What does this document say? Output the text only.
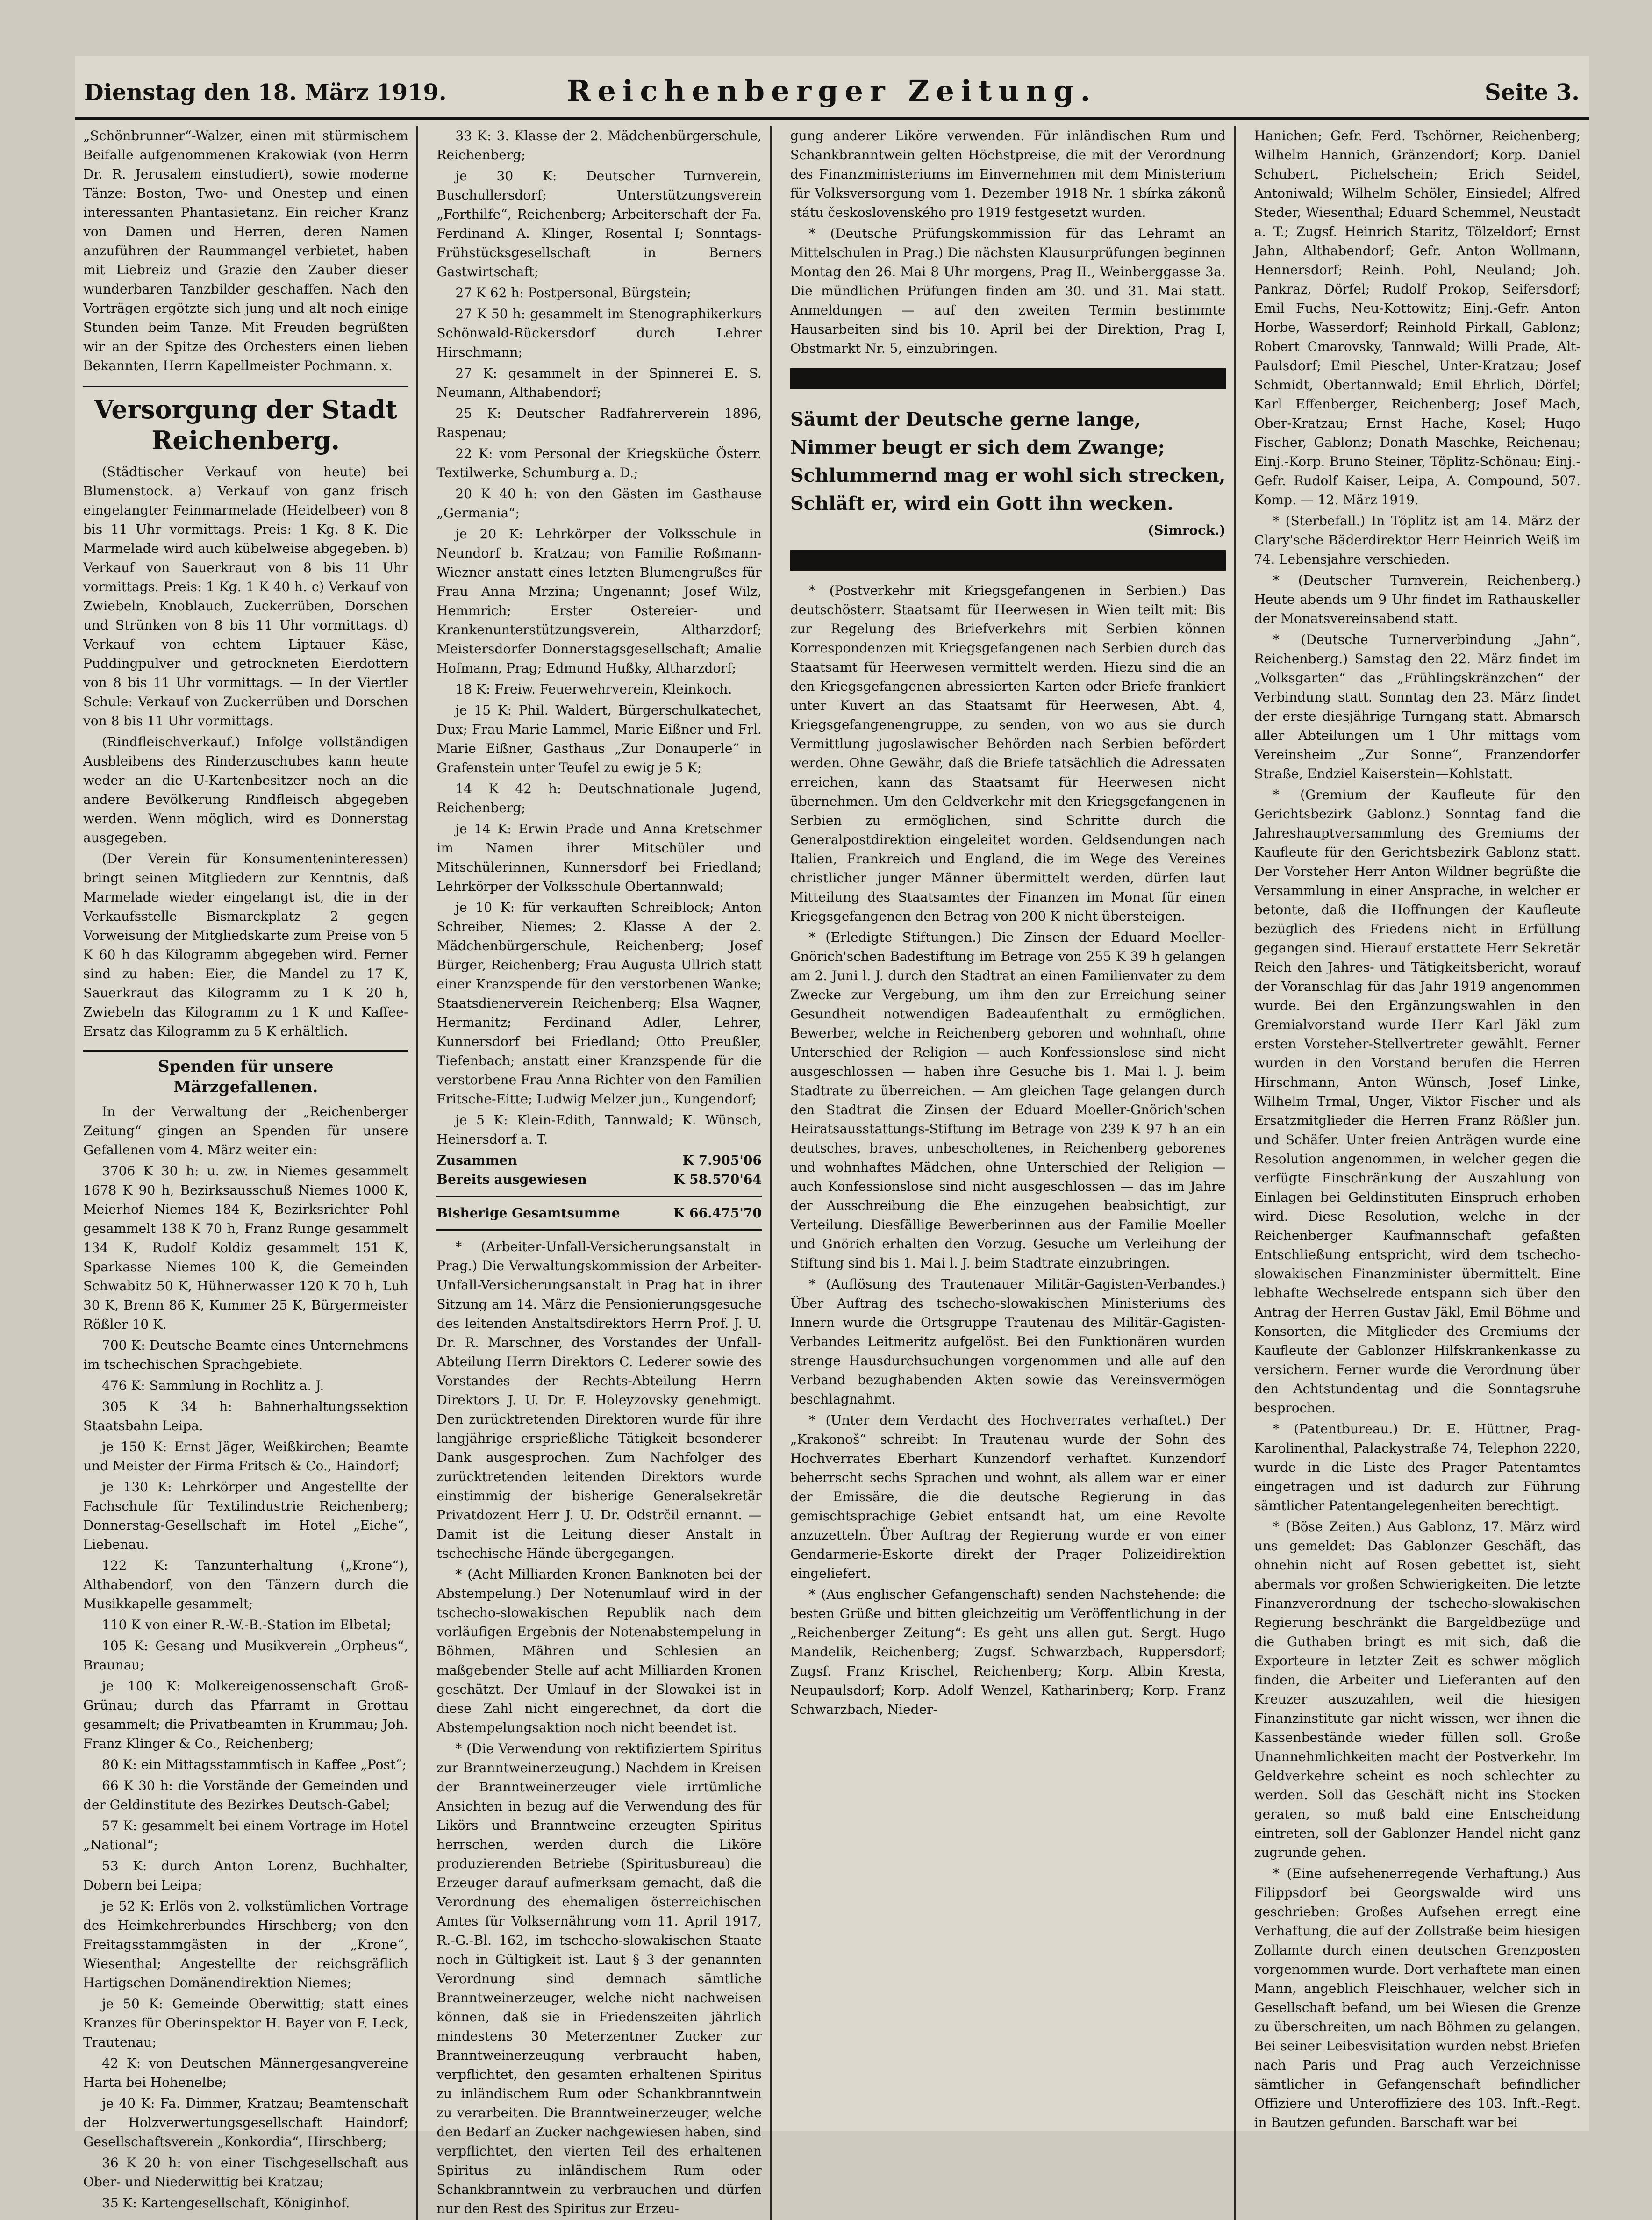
Dienstag den 18. März 1919.	Reichenberger Zeitung.	Seite 3.

„Schönbrunner“-Walzer, einen mit stürmischem Beifalle aufgenommenen Krakowiak (von Herrn Dr. R. Jerusalem einstudiert), sowie moderne Tänze: Boston, Two- und Onestep und einen interessanten Phantasietanz. Ein reicher Kranz von Damen und Herren, deren Namen anzuführen der Raummangel verbietet, haben mit Liebreiz und Grazie den Zauber dieser wunderbaren Tanzbilder geschaffen. Nach den Vorträgen ergötzte sich jung und alt noch einige Stunden beim Tanze. Mit Freuden begrüßten wir an der Spitze des Orchesters einen lieben Bekannten, Herrn Kapellmeister Pochmann. x.

Versorgung der Stadt Reichenberg.

(Städtischer Verkauf von heute) bei Blumenstock. a) Verkauf von ganz frisch eingelangter Feinmarmelade (Heidelbeer) von 8 bis 11 Uhr vormittags. Preis: 1 Kg. 8 K. Die Marmelade wird auch kübelweise abgegeben. b) Verkauf von Sauerkraut von 8 bis 11 Uhr vormittags. Preis: 1 Kg. 1 K 40 h. c) Verkauf von Zwiebeln, Knoblauch, Zuckerrüben, Dorschen und Strünken von 8 bis 11 Uhr vormittags. d) Verkauf von echtem Liptauer Käse, Puddingpulver und getrockneten Eierdottern von 8 bis 11 Uhr vormittags. — In der Viertler Schule: Verkauf von Zuckerrüben und Dorschen von 8 bis 11 Uhr vormittags.

(Rindfleischverkauf.) Infolge vollständigen Ausbleibens des Rinderzuschubes kann heute weder an die U-Kartenbesitzer noch an die andere Bevölkerung Rindfleisch abgegeben werden. Wenn möglich, wird es Donnerstag ausgegeben.

(Der Verein für Konsumenteninteressen) bringt seinen Mitgliedern zur Kenntnis, daß Marmelade wieder eingelangt ist, die in der Verkaufsstelle Bismarckplatz 2 gegen Vorweisung der Mitgliedskarte zum Preise von 5 K 60 h das Kilogramm abgegeben wird. Ferner sind zu haben: Eier, die Mandel zu 17 K, Sauerkraut das Kilogramm zu 1 K 20 h, Zwiebeln das Kilogramm zu 1 K und Kaffee-Ersatz das Kilogramm zu 5 K erhältlich.

Spenden für unsere Märzgefallenen.

In der Verwaltung der „Reichenberger Zeitung“ gingen an Spenden für unsere Gefallenen vom 4. März weiter ein:

3706 K 30 h: u. zw. in Niemes gesammelt 1678 K 90 h, Bezirksausschuß Niemes 1000 K, Meierhof Niemes 184 K, Bezirksrichter Pohl gesammelt 138 K 70 h, Franz Runge gesammelt 134 K, Rudolf Koldiz gesammelt 151 K, Sparkasse Niemes 100 K, die Gemeinden Schwabitz 50 K, Hühnerwasser 120 K 70 h, Luh 30 K, Brenn 86 K, Kummer 25 K, Bürgermeister Rößler 10 K.

700 K: Deutsche Beamte eines Unternehmens im tschechischen Sprachgebiete.

476 K: Sammlung in Rochlitz a. J.

305 K 34 h: Bahnerhaltungssektion Staatsbahn Leipa.

je 150 K: Ernst Jäger, Weißkirchen; Beamte und Meister der Firma Fritsch & Co., Haindorf;

je 130 K: Lehrkörper und Angestellte der Fachschule für Textilindustrie Reichenberg; Donnerstag-Gesellschaft im Hotel „Eiche“, Liebenau.

122 K: Tanzunterhaltung („Krone“), Althabendorf, von den Tänzern durch die Musikkapelle gesammelt;

110 K von einer R.-W.-B.-Station im Elbetal;

105 K: Gesang und Musikverein „Orpheus“, Braunau;

je 100 K: Molkereigenossenschaft Groß-Grünau; durch das Pfarramt in Grottau gesammelt; die Privatbeamten in Krummau; Joh. Franz Klinger & Co., Reichenberg;

80 K: ein Mittagsstammtisch in Kaffee „Post“;

66 K 30 h: die Vorstände der Gemeinden und der Geldinstitute des Bezirkes Deutsch-Gabel;

57 K: gesammelt bei einem Vortrage im Hotel „National“;

53 K: durch Anton Lorenz, Buchhalter, Dobern bei Leipa;

je 52 K: Erlös von 2. volkstümlichen Vortrage des Heimkehrerbundes Hirschberg; von den Freitagsstammgästen in der „Krone“, Wiesenthal; Angestellte der reichsgräflich Hartigschen Domänendirektion Niemes;

je 50 K: Gemeinde Oberwittig; statt eines Kranzes für Oberinspektor H. Bayer von F. Leck, Trautenau;

42 K: von Deutschen Männergesangvereine Harta bei Hohenelbe;

je 40 K: Fa. Dimmer, Kratzau; Beamtenschaft der Holzverwertungsgesellschaft Haindorf; Gesellschaftsverein „Konkordia“, Hirschberg;

36 K 20 h: von einer Tischgesellschaft aus Ober- und Niederwittig bei Kratzau;

35 K: Kartengesellschaft, Königinhof.

33 K: 3. Klasse der 2. Mädchenbürgerschule, Reichenberg;

je 30 K: Deutscher Turnverein, Buschullersdorf; Unterstützungsverein „Forthilfe“, Reichenberg; Arbeiterschaft der Fa. Ferdinand A. Klinger, Rosental I; Sonntags-Frühstücksgesellschaft in Berners Gastwirtschaft;

27 K 62 h: Postpersonal, Bürgstein;

27 K 50 h: gesammelt im Stenographikerkurs Schönwald-Rückersdorf durch Lehrer Hirschmann;

27 K: gesammelt in der Spinnerei E. S. Neumann, Althabendorf;

25 K: Deutscher Radfahrerverein 1896, Raspenau;

22 K: vom Personal der Kriegsküche Österr. Textilwerke, Schumburg a. D.;

20 K 40 h: von den Gästen im Gasthause „Germania“;

je 20 K: Lehrkörper der Volksschule in Neundorf b. Kratzau; von Familie Roßmann-Wiezner anstatt eines letzten Blumengrußes für Frau Anna Mrzina; Ungenannt; Josef Wilz, Hemmrich; Erster Ostereier- und Krankenunterstützungsverein, Altharzdorf; Meistersdorfer Donnerstagsgesellschaft; Amalie Hofmann, Prag; Edmund Hußky, Altharzdorf;

18 K: Freiw. Feuerwehrverein, Kleinkoch.

je 15 K: Phil. Waldert, Bürgerschulkatechet, Dux; Frau Marie Lammel, Marie Eißner und Frl. Marie Eißner, Gasthaus „Zur Donauperle“ in Grafenstein unter Teufel zu ewig je 5 K;

14 K 42 h: Deutschnationale Jugend, Reichenberg;

je 14 K: Erwin Prade und Anna Kretschmer im Namen ihrer Mitschüler und Mitschülerinnen, Kunnersdorf bei Friedland; Lehrkörper der Volksschule Obertannwald;

je 10 K: für verkauften Schreiblock; Anton Schreiber, Niemes; 2. Klasse A der 2. Mädchenbürgerschule, Reichenberg; Josef Bürger, Reichenberg; Frau Augusta Ullrich statt einer Kranzspende für den verstorbenen Wanke; Staatsdienerverein Reichenberg; Elsa Wagner, Hermanitz; Ferdinand Adler, Lehrer, Kunnersdorf bei Friedland; Otto Preußler, Tiefenbach; anstatt einer Kranzspende für die verstorbene Frau Anna Richter von den Familien Fritsche-Eitte; Ludwig Melzer jun., Kungendorf;

je 5 K: Klein-Edith, Tannwald; K. Wünsch, Heinersdorf a. T.

Zusammen	K 7.905'06
Bereits ausgewiesen	K 58.570'64
Bisherige Gesamtsumme	K 66.475'70

* (Arbeiter-Unfall-Versicherungsanstalt in Prag.) Die Verwaltungskommission der Arbeiter-Unfall-Versicherungsanstalt in Prag hat in ihrer Sitzung am 14. März die Pensionierungsgesuche des leitenden Anstaltsdirektors Herrn Prof. J. U. Dr. R. Marschner, des Vorstandes der Unfall-Abteilung Herrn Direktors C. Lederer sowie des Vorstandes der Rechts-Abteilung Herrn Direktors J. U. Dr. F. Holeyzovsky genehmigt. Den zurücktretenden Direktoren wurde für ihre langjährige ersprießliche Tätigkeit besonderer Dank ausgesprochen. Zum Nachfolger des zurücktretenden leitenden Direktors wurde einstimmig der bisherige Generalsekretär Privatdozent Herr J. U. Dr. Odstrčil ernannt. — Damit ist die Leitung dieser Anstalt in tschechische Hände übergegangen.

* (Acht Milliarden Kronen Banknoten bei der Abstempelung.) Der Notenumlauf wird in der tschecho-slowakischen Republik nach dem vorläufigen Ergebnis der Notenabstempelung in Böhmen, Mähren und Schlesien an maßgebender Stelle auf acht Milliarden Kronen geschätzt. Der Umlauf in der Slowakei ist in diese Zahl nicht eingerechnet, da dort die Abstempelungsaktion noch nicht beendet ist.

* (Die Verwendung von rektifiziertem Spiritus zur Branntweinerzeugung.) Nachdem in Kreisen der Branntweinerzeuger viele irrtümliche Ansichten in bezug auf die Verwendung des für Likörs und Branntweine erzeugten Spiritus herrschen, werden durch die Liköre produzierenden Betriebe (Spiritusbureau) die Erzeuger darauf aufmerksam gemacht, daß die Verordnung des ehemaligen österreichischen Amtes für Volksernährung vom 11. April 1917, R.-G.-Bl. 162, im tschecho-slowakischen Staate noch in Gültigkeit ist. Laut § 3 der genannten Verordnung sind demnach sämtliche Branntweinerzeuger, welche nicht nachweisen können, daß sie in Friedenszeiten jährlich mindestens 30 Meterzentner Zucker zur Branntweinerzeugung verbraucht haben, verpflichtet, den gesamten erhaltenen Spiritus zu inländischem Rum oder Schankbranntwein zu verarbeiten. Die Branntweinerzeuger, welche den Bedarf an Zucker nachgewiesen haben, sind verpflichtet, den vierten Teil des erhaltenen Spiritus zu inländischem Rum oder Schankbranntwein zu verbrauchen und dürfen nur den Rest des Spiritus zur Erzeu-

gung anderer Liköre verwenden. Für inländischen Rum und Schankbranntwein gelten Höchstpreise, die mit der Verordnung des Finanzministeriums im Einvernehmen mit dem Ministerium für Volksversorgung vom 1. Dezember 1918 Nr. 1 sbírka zákonů státu československého pro 1919 festgesetzt wurden.

* (Deutsche Prüfungskommission für das Lehramt an Mittelschulen in Prag.) Die nächsten Klausurprüfungen beginnen Montag den 26. Mai 8 Uhr morgens, Prag II., Weinberggasse 3a. Die mündlichen Prüfungen finden am 30. und 31. Mai statt. Anmeldungen — auf den zweiten Termin bestimmte Hausarbeiten sind bis 10. April bei der Direktion, Prag I, Obstmarkt Nr. 5, einzubringen.

Säumt der Deutsche gerne lange,
Nimmer beugt er sich dem Zwange;
Schlummernd mag er wohl sich strecken,
Schläft er, wird ein Gott ihn wecken.
(Simrock.)

* (Postverkehr mit Kriegsgefangenen in Serbien.) Das deutschösterr. Staatsamt für Heerwesen in Wien teilt mit: Bis zur Regelung des Briefverkehrs mit Serbien können Korrespondenzen mit Kriegsgefangenen nach Serbien durch das Staatsamt für Heerwesen vermittelt werden. Hiezu sind die an den Kriegsgefangenen abressierten Karten oder Briefe frankiert unter Kuvert an das Staatsamt für Heerwesen, Abt. 4, Kriegsgefangenengruppe, zu senden, von wo aus sie durch Vermittlung jugoslawischer Behörden nach Serbien befördert werden. Ohne Gewähr, daß die Briefe tatsächlich die Adressaten erreichen, kann das Staatsamt für Heerwesen nicht übernehmen. Um den Geldverkehr mit den Kriegsgefangenen in Serbien zu ermöglichen, sind Schritte durch die Generalpostdirektion eingeleitet worden. Geldsendungen nach Italien, Frankreich und England, die im Wege des Vereines christlicher junger Männer übermittelt werden, dürfen laut Mitteilung des Staatsamtes der Finanzen im Monat für einen Kriegsgefangenen den Betrag von 200 K nicht übersteigen.

* (Erledigte Stiftungen.) Die Zinsen der Eduard Moeller-Gnörich'schen Badestiftung im Betrage von 255 K 39 h gelangen am 2. Juni l. J. durch den Stadtrat an einen Familienvater zu dem Zwecke zur Vergebung, um ihm den zur Erreichung seiner Gesundheit notwendigen Badeaufenthalt zu ermöglichen. Bewerber, welche in Reichenberg geboren und wohnhaft, ohne Unterschied der Religion — auch Konfessionslose sind nicht ausgeschlossen — haben ihre Gesuche bis 1. Mai l. J. beim Stadtrate zu überreichen. — Am gleichen Tage gelangen durch den Stadtrat die Zinsen der Eduard Moeller-Gnörich'schen Heiratsausstattungs-Stiftung im Betrage von 239 K 97 h an ein deutsches, braves, unbescholtenes, in Reichenberg geborenes und wohnhaftes Mädchen, ohne Unterschied der Religion — auch Konfessionslose sind nicht ausgeschlossen — das im Jahre der Ausschreibung die Ehe einzugehen beabsichtigt, zur Verteilung. Diesfällige Bewerberinnen aus der Familie Moeller und Gnörich erhalten den Vorzug. Gesuche um Verleihung der Stiftung sind bis 1. Mai l. J. beim Stadtrate einzubringen.

* (Auflösung des Trautenauer Militär-Gagisten-Verbandes.) Über Auftrag des tschecho-slowakischen Ministeriums des Innern wurde die Ortsgruppe Trautenau des Militär-Gagisten-Verbandes Leitmeritz aufgelöst. Bei den Funktionären wurden strenge Hausdurchsuchungen vorgenommen und alle auf den Verband bezughabenden Akten sowie das Vereinsvermögen beschlagnahmt.

* (Unter dem Verdacht des Hochverrates verhaftet.) Der „Krakonoš“ schreibt: In Trautenau wurde der Sohn des Hochverrates Eberhart Kunzendorf verhaftet. Kunzendorf beherrscht sechs Sprachen und wohnt, als allem war er einer der Emissäre, die die deutsche Regierung in das gemischtsprachige Gebiet entsandt hat, um eine Revolte anzuzetteln. Über Auftrag der Regierung wurde er von einer Gendarmerie-Eskorte direkt der Prager Polizeidirektion eingeliefert.

* (Aus englischer Gefangenschaft) senden Nachstehende: die besten Grüße und bitten gleichzeitig um Veröffentlichung in der „Reichenberger Zeitung“: Es geht uns allen gut. Sergt. Hugo Mandelik, Reichenberg; Zugsf. Schwarzbach, Ruppersdorf; Zugsf. Franz Krischel, Reichenberg; Korp. Albin Kresta, Neupaulsdorf; Korp. Adolf Wenzel, Katharinberg; Korp. Franz Schwarzbach, Nieder-

Hanichen; Gefr. Ferd. Tschörner, Reichenberg; Wilhelm Hannich, Gränzendorf; Korp. Daniel Schubert, Pichelschein; Erich Seidel, Antoniwald; Wilhelm Schöler, Einsiedel; Alfred Steder, Wiesenthal; Eduard Schemmel, Neustadt a. T.; Zugsf. Heinrich Staritz, Tölzeldorf; Ernst Jahn, Althabendorf; Gefr. Anton Wollmann, Hennersdorf; Reinh. Pohl, Neuland; Joh. Pankraz, Dörfel; Rudolf Prokop, Seifersdorf; Emil Fuchs, Neu-Kottowitz; Einj.-Gefr. Anton Horbe, Wasserdorf; Reinhold Pirkall, Gablonz; Robert Cmarovsky, Tannwald; Willi Prade, Alt-Paulsdorf; Emil Pieschel, Unter-Kratzau; Josef Schmidt, Obertannwald; Emil Ehrlich, Dörfel; Karl Effenberger, Reichenberg; Josef Mach, Ober-Kratzau; Ernst Hache, Kosel; Hugo Fischer, Gablonz; Donath Maschke, Reichenau; Einj.-Korp. Bruno Steiner, Töplitz-Schönau; Einj.-Gefr. Rudolf Kaiser, Leipa, A. Compound, 507. Komp. — 12. März 1919.

* (Sterbefall.) In Töplitz ist am 14. März der Clary'sche Bäderdirektor Herr Heinrich Weiß im 74. Lebensjahre verschieden.

* (Deutscher Turnverein, Reichenberg.) Heute abends um 9 Uhr findet im Rathauskeller der Monatsvereinsabend statt.

* (Deutsche Turnerverbindung „Jahn“, Reichenberg.) Samstag den 22. März findet im „Volksgarten“ das „Frühlingskränzchen“ der Verbindung statt. Sonntag den 23. März findet der erste diesjährige Turngang statt. Abmarsch aller Abteilungen um 1 Uhr mittags vom Vereinsheim „Zur Sonne“, Franzendorfer Straße, Endziel Kaiserstein—Kohlstatt.

* (Gremium der Kaufleute für den Gerichtsbezirk Gablonz.) Sonntag fand die Jahreshauptversammlung des Gremiums der Kaufleute für den Gerichtsbezirk Gablonz statt. Der Vorsteher Herr Anton Wildner begrüßte die Versammlung in einer Ansprache, in welcher er betonte, daß die Hoffnungen der Kaufleute bezüglich des Friedens nicht in Erfüllung gegangen sind. Hierauf erstattete Herr Sekretär Reich den Jahres- und Tätigkeitsbericht, worauf der Voranschlag für das Jahr 1919 angenommen wurde. Bei den Ergänzungswahlen in den Gremialvorstand wurde Herr Karl Jäkl zum ersten Vorsteher-Stellvertreter gewählt. Ferner wurden in den Vorstand berufen die Herren Hirschmann, Anton Wünsch, Josef Linke, Wilhelm Trmal, Unger, Viktor Fischer und als Ersatzmitglieder die Herren Franz Rößler jun. und Schäfer. Unter freien Anträgen wurde eine Resolution angenommen, in welcher gegen die verfügte Einschränkung der Auszahlung von Einlagen bei Geldinstituten Einspruch erhoben wird. Diese Resolution, welche in der Reichenberger Kaufmannschaft gefaßten Entschließung entspricht, wird dem tschecho-slowakischen Finanzminister übermittelt. Eine lebhafte Wechselrede entspann sich über den Antrag der Herren Gustav Jäkl, Emil Böhme und Konsorten, die Mitglieder des Gremiums der Kaufleute der Gablonzer Hilfskrankenkasse zu versichern. Ferner wurde die Verordnung über den Achtstundentag und die Sonntagsruhe besprochen.

* (Patentbureau.) Dr. E. Hüttner, Prag-Karolinenthal, Palackystraße 74, Telephon 2220, wurde in die Liste des Prager Patentamtes eingetragen und ist dadurch zur Führung sämtlicher Patentangelegenheiten berechtigt.

* (Böse Zeiten.) Aus Gablonz, 17. März wird uns gemeldet: Das Gablonzer Geschäft, das ohnehin nicht auf Rosen gebettet ist, sieht abermals vor großen Schwierigkeiten. Die letzte Finanzverordnung der tschecho-slowakischen Regierung beschränkt die Bargeldbezüge und die Guthaben bringt es mit sich, daß die Exporteure in letzter Zeit es schwer möglich finden, die Arbeiter und Lieferanten auf den Kreuzer auszuzahlen, weil die hiesigen Finanzinstitute gar nicht wissen, wer ihnen die Kassenbestände wieder füllen soll. Große Unannehmlichkeiten macht der Postverkehr. Im Geldverkehre scheint es noch schlechter zu werden. Soll das Geschäft nicht ins Stocken geraten, so muß bald eine Entscheidung eintreten, soll der Gablonzer Handel nicht ganz zugrunde gehen.

* (Eine aufsehenerregende Verhaftung.) Aus Filippsdorf bei Georgswalde wird uns geschrieben: Großes Aufsehen erregt eine Verhaftung, die auf der Zollstraße beim hiesigen Zollamte durch einen deutschen Grenzposten vorgenommen wurde. Dort verhaftete man einen Mann, angeblich Fleischhauer, welcher sich in Gesellschaft befand, um bei Wiesen die Grenze zu überschreiten, um nach Böhmen zu gelangen. Bei seiner Leibesvisitation wurden nebst Briefen nach Paris und Prag auch Verzeichnisse sämtlicher in Gefangenschaft befindlicher Offiziere und Unteroffiziere des 103. Inft.-Regt. in Bautzen gefunden. Barschaft war bei
